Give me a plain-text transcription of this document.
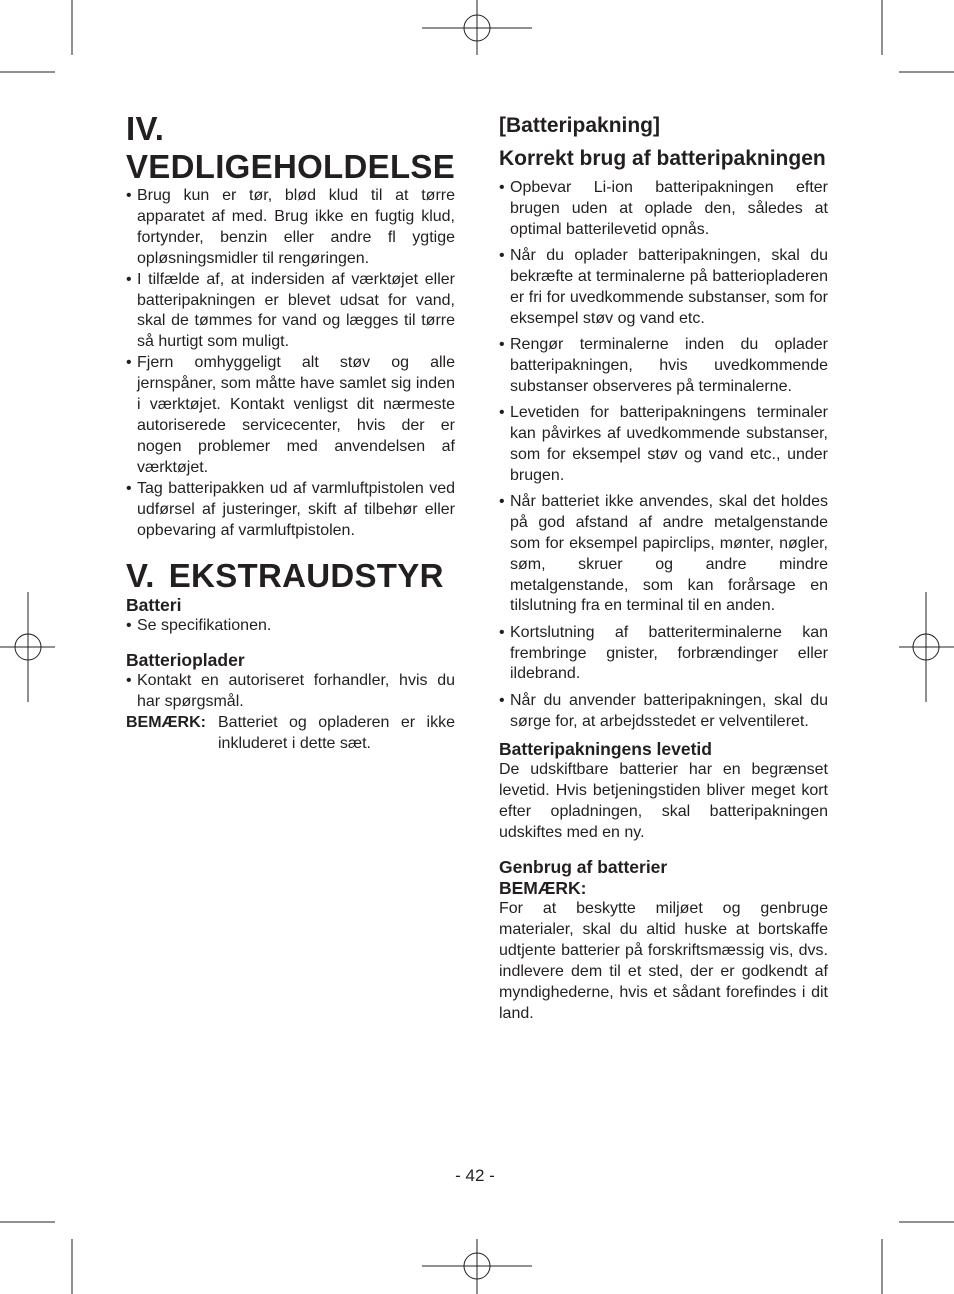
IV.VEDLIGEHOLDELSE
• Brug kun er tør, blød klud til at tørre apparatet af med. Brug ikke en fugtig klud, fortynder, benzin eller andre fl ygtige opløsningsmidler til rengøringen.
• I tilfælde af, at indersiden af værktøjet eller batteripakningen er blevet udsat for vand, skal de tømmes for vand og lægges til tørre så hurtigt som muligt.
• Fjern omhyggeligt alt støv og alle jernspåner, som måtte have samlet sig inden i værktøjet. Kontakt venligst dit nærmeste autoriserede servicecenter, hvis der er nogen problemer med anvendelsen af værktøjet.
• Tag batteripakken ud af varmluftpistolen ved udførsel af justeringer, skift af tilbehør eller opbevaring af varmluftpistolen.
V. EKSTRAUDSTYR
Batteri
• Se specifikationen.
Batterioplader
• Kontakt en autoriseret forhandler, hvis du har spørgsmål.
BEMÆRK: Batteriet og opladeren er ikke inkluderet i dette sæt.
[Batteripakning]
Korrekt brug af batteripakningen
• Opbevar Li-ion batteripakningen efter brugen uden at oplade den, således at optimal batterilevetid opnås.
• Når du oplader batteripakningen, skal du bekræfte at terminalerne på batteriopladeren er fri for uvedkommende substanser, som for eksempel støv og vand etc.
• Rengør terminalerne inden du oplader batteripakningen, hvis uvedkommende substanser observeres på terminalerne.
• Levetiden for batteripakningens terminaler kan påvirkes af uvedkommende substanser, som for eksempel støv og vand etc., under brugen.
• Når batteriet ikke anvendes, skal det holdes på god afstand af andre metalgenstande som for eksempel papirclips, mønter, nøgler, søm, skruer og andre mindre metalgenstande, som kan forårsage en tilslutning fra en terminal til en anden.
• Kortslutning af batteriterminalerne kan frembringe gnister, forbrændinger eller ildebrand.
• Når du anvender batteripakningen, skal du sørge for, at arbejdsstedet er velventileret.
Batteripakningens levetid

De udskiftbare batterier har en begrænset levetid. Hvis betjeningstiden bliver meget kort efter opladningen, skal batteripakningen udskiftes med en ny.

Genbrug af batterier
BEMÆRK:

For at beskytte miljøet og genbruge materialer, skal du altid huske at bortskaffe udtjente batterier på forskriftsmæssig vis, dvs. indlevere dem til et sted, der er godkendt af myndighederne, hvis et sådant forefindes i dit land.

- 42 -
